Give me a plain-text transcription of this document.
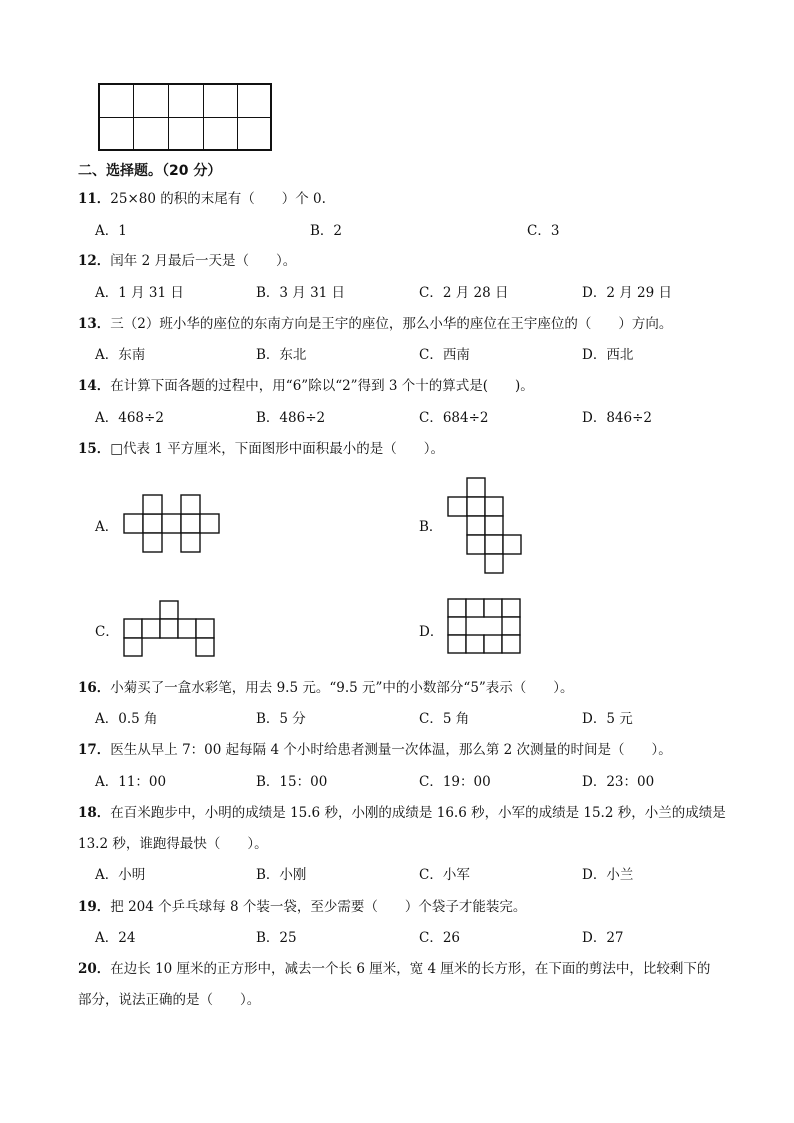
二、选择题。（20 分）
11．25×80 的积的末尾有（　　）个 0.
A．1	B．2	C．3
12．闰年 2 月最后一天是（　　）。
A．1 月 31 日	B．3 月 31 日	C．2 月 28 日	D．2 月 29 日
13．三（2）班小华的座位的东南方向是王宇的座位，那么小华的座位在王宇座位的（　　）方向。
A．东南	B．东北	C．西南	D．西北
14．在计算下面各题的过程中，用“6”除以“2”得到 3 个十的算式是(　　)。
A．468÷2	B．486÷2	C．684÷2	D．846÷2
15．□代表 1 平方厘米，下面图形中面积最小的是（　　）。
A．	B．
C．	D．
16．小菊买了一盒水彩笔，用去 9.5 元。“9.5 元”中的小数部分“5”表示（　　）。
A．0.5 角	B．5 分	C．5 角	D．5 元
17．医生从早上 7：00 起每隔 4 个小时给患者测量一次体温，那么第 2 次测量的时间是（　　）。
A．11：00	B．15：00	C．19：00	D．23：00
18．在百米跑步中，小明的成绩是 15.6 秒，小刚的成绩是 16.6 秒，小军的成绩是 15.2 秒，小兰的成绩是
13.2 秒，谁跑得最快（　　）。
A．小明	B．小刚	C．小军	D．小兰
19．把 204 个乒乓球每 8 个装一袋，至少需要（　　）个袋子才能装完。
A．24	B．25	C．26	D．27
20．在边长 10 厘米的正方形中，减去一个长 6 厘米，宽 4 厘米的长方形，在下面的剪法中，比较剩下的
部分，说法正确的是（　　）。
